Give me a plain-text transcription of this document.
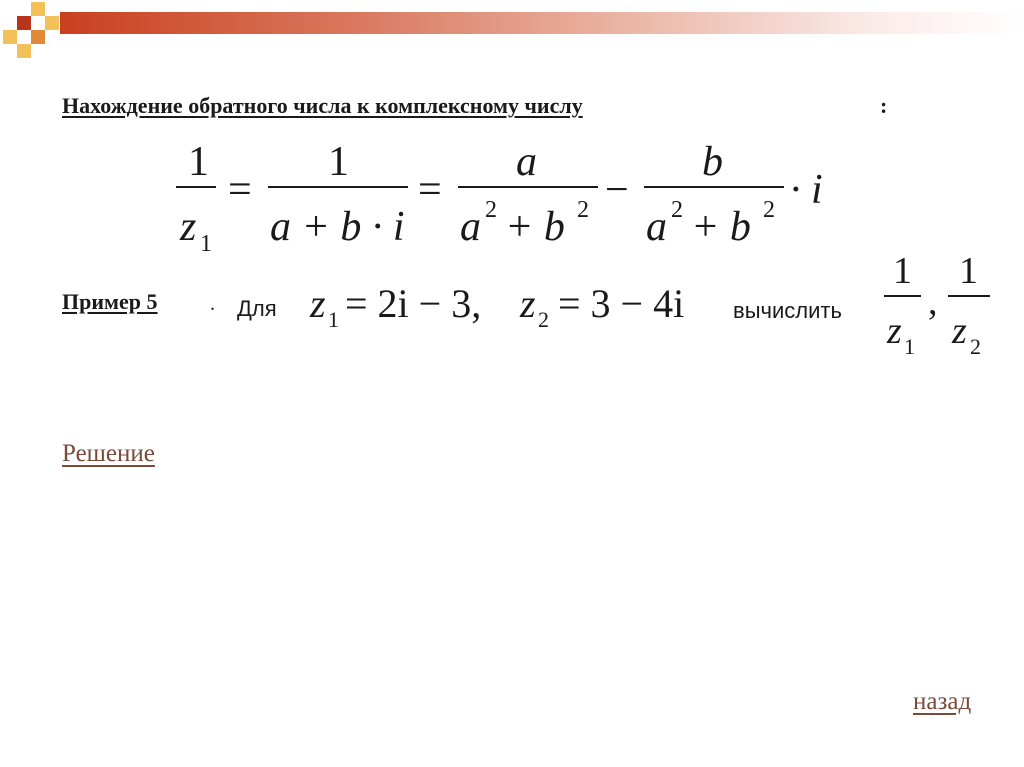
Нахождение обратного числа к комплексному числу	:
1
z 1
=
1
a + b · i
=
a
a 2 + b 2 −
b
a 2 + b 2 · i
z 1 = 2i − 3, z 2 = 3 − 4i
1
z 1
,
1
z 2
Пример 5	. Для	вычислить
Решение
назад
